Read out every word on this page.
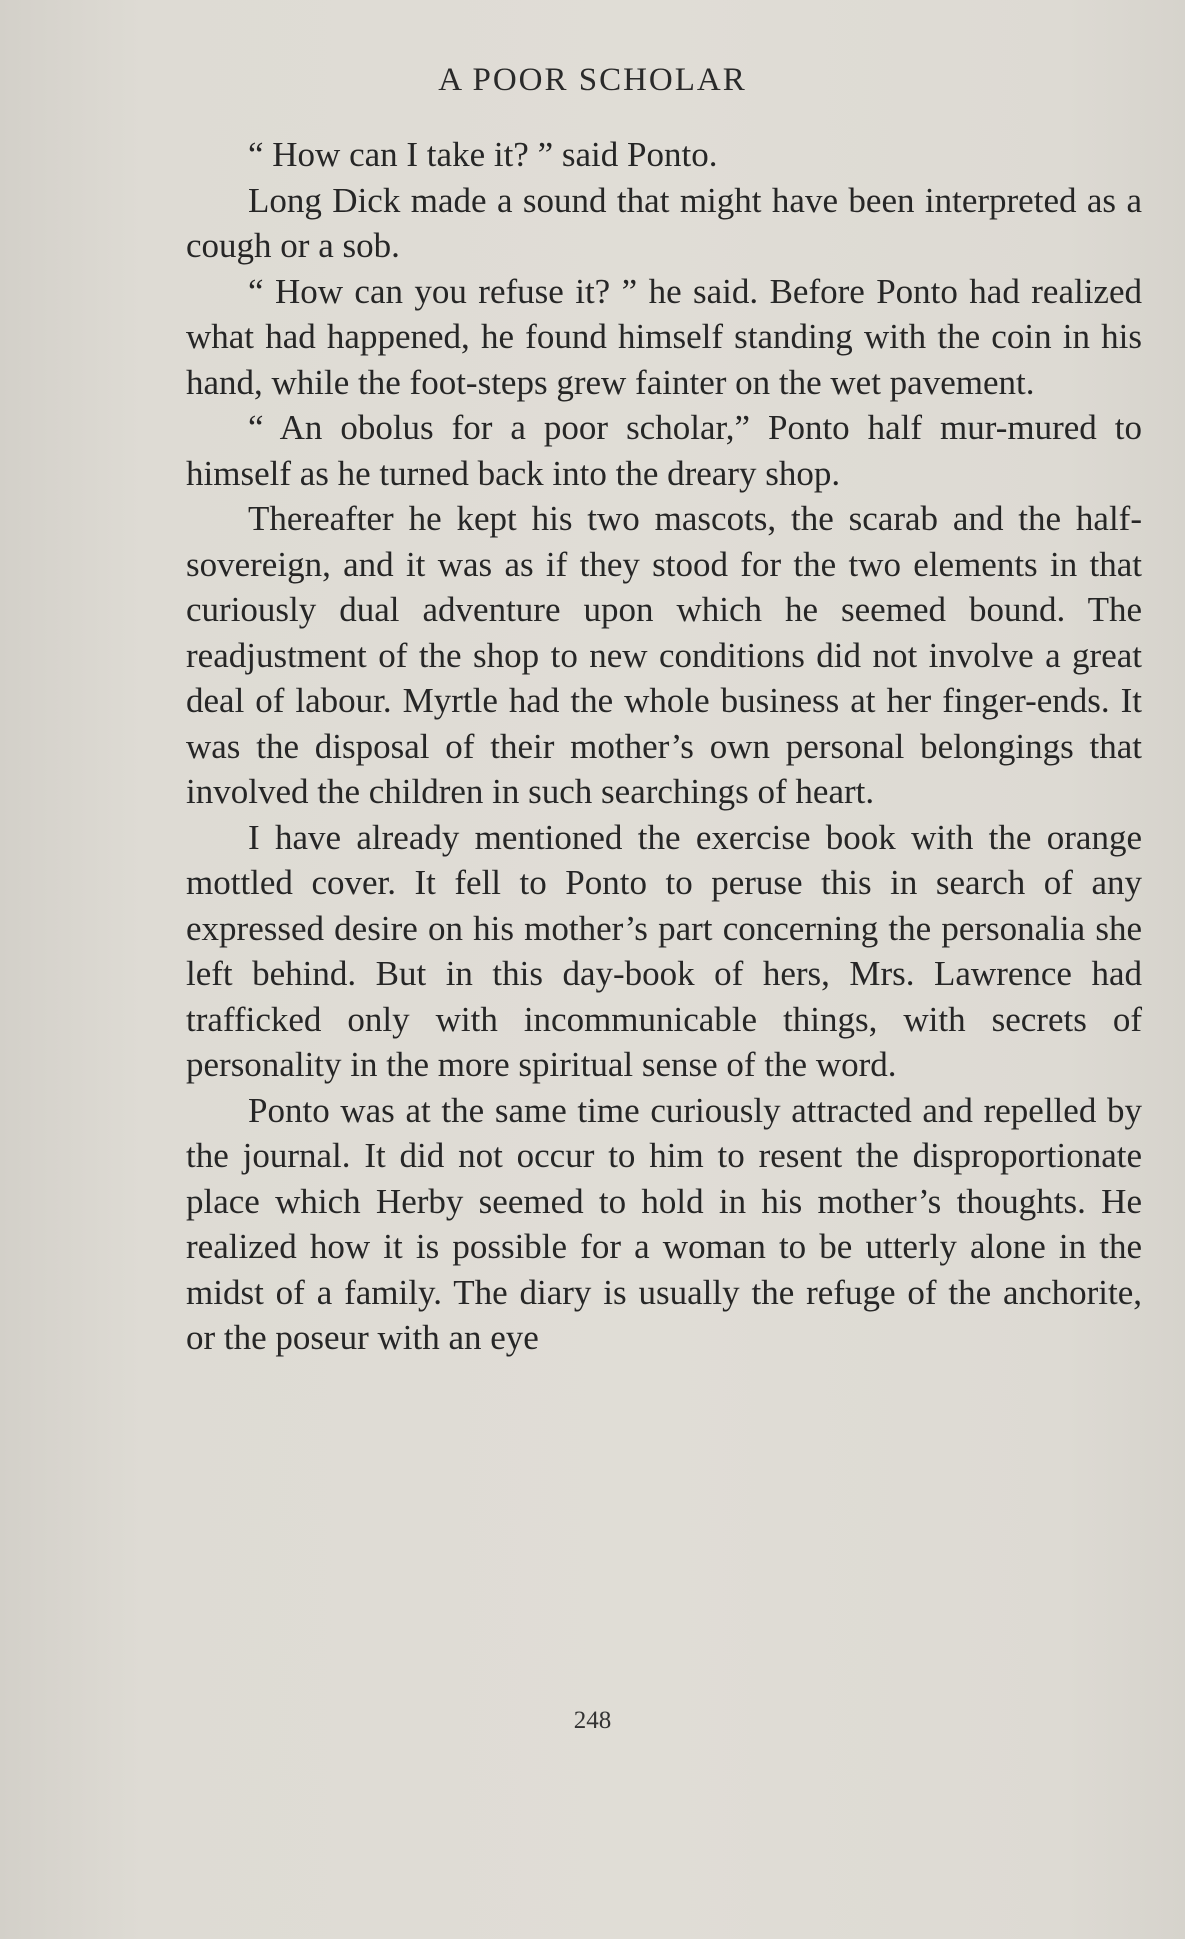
A POOR SCHOLAR

“ How can I take it? ” said Ponto.

Long Dick made a sound that might have been interpreted as a cough or a sob.

“ How can you refuse it? ” he said. Before Ponto had realized what had happened, he found himself standing with the coin in his hand, while the foot-steps grew fainter on the wet pavement.

“ An obolus for a poor scholar,” Ponto half mur-mured to himself as he turned back into the dreary shop.

Thereafter he kept his two mascots, the scarab and the half-sovereign, and it was as if they stood for the two elements in that curiously dual adventure upon which he seemed bound. The readjustment of the shop to new conditions did not involve a great deal of labour. Myrtle had the whole business at her finger-ends. It was the disposal of their mother’s own personal belongings that involved the children in such searchings of heart.

I have already mentioned the exercise book with the orange mottled cover. It fell to Ponto to peruse this in search of any expressed desire on his mother’s part concerning the personalia she left behind. But in this day-book of hers, Mrs. Lawrence had trafficked only with incommunicable things, with secrets of personality in the more spiritual sense of the word.

Ponto was at the same time curiously attracted and repelled by the journal. It did not occur to him to resent the disproportionate place which Herby seemed to hold in his mother’s thoughts. He realized how it is possible for a woman to be utterly alone in the midst of a family. The diary is usually the refuge of the anchorite, or the poseur with an eye

248
